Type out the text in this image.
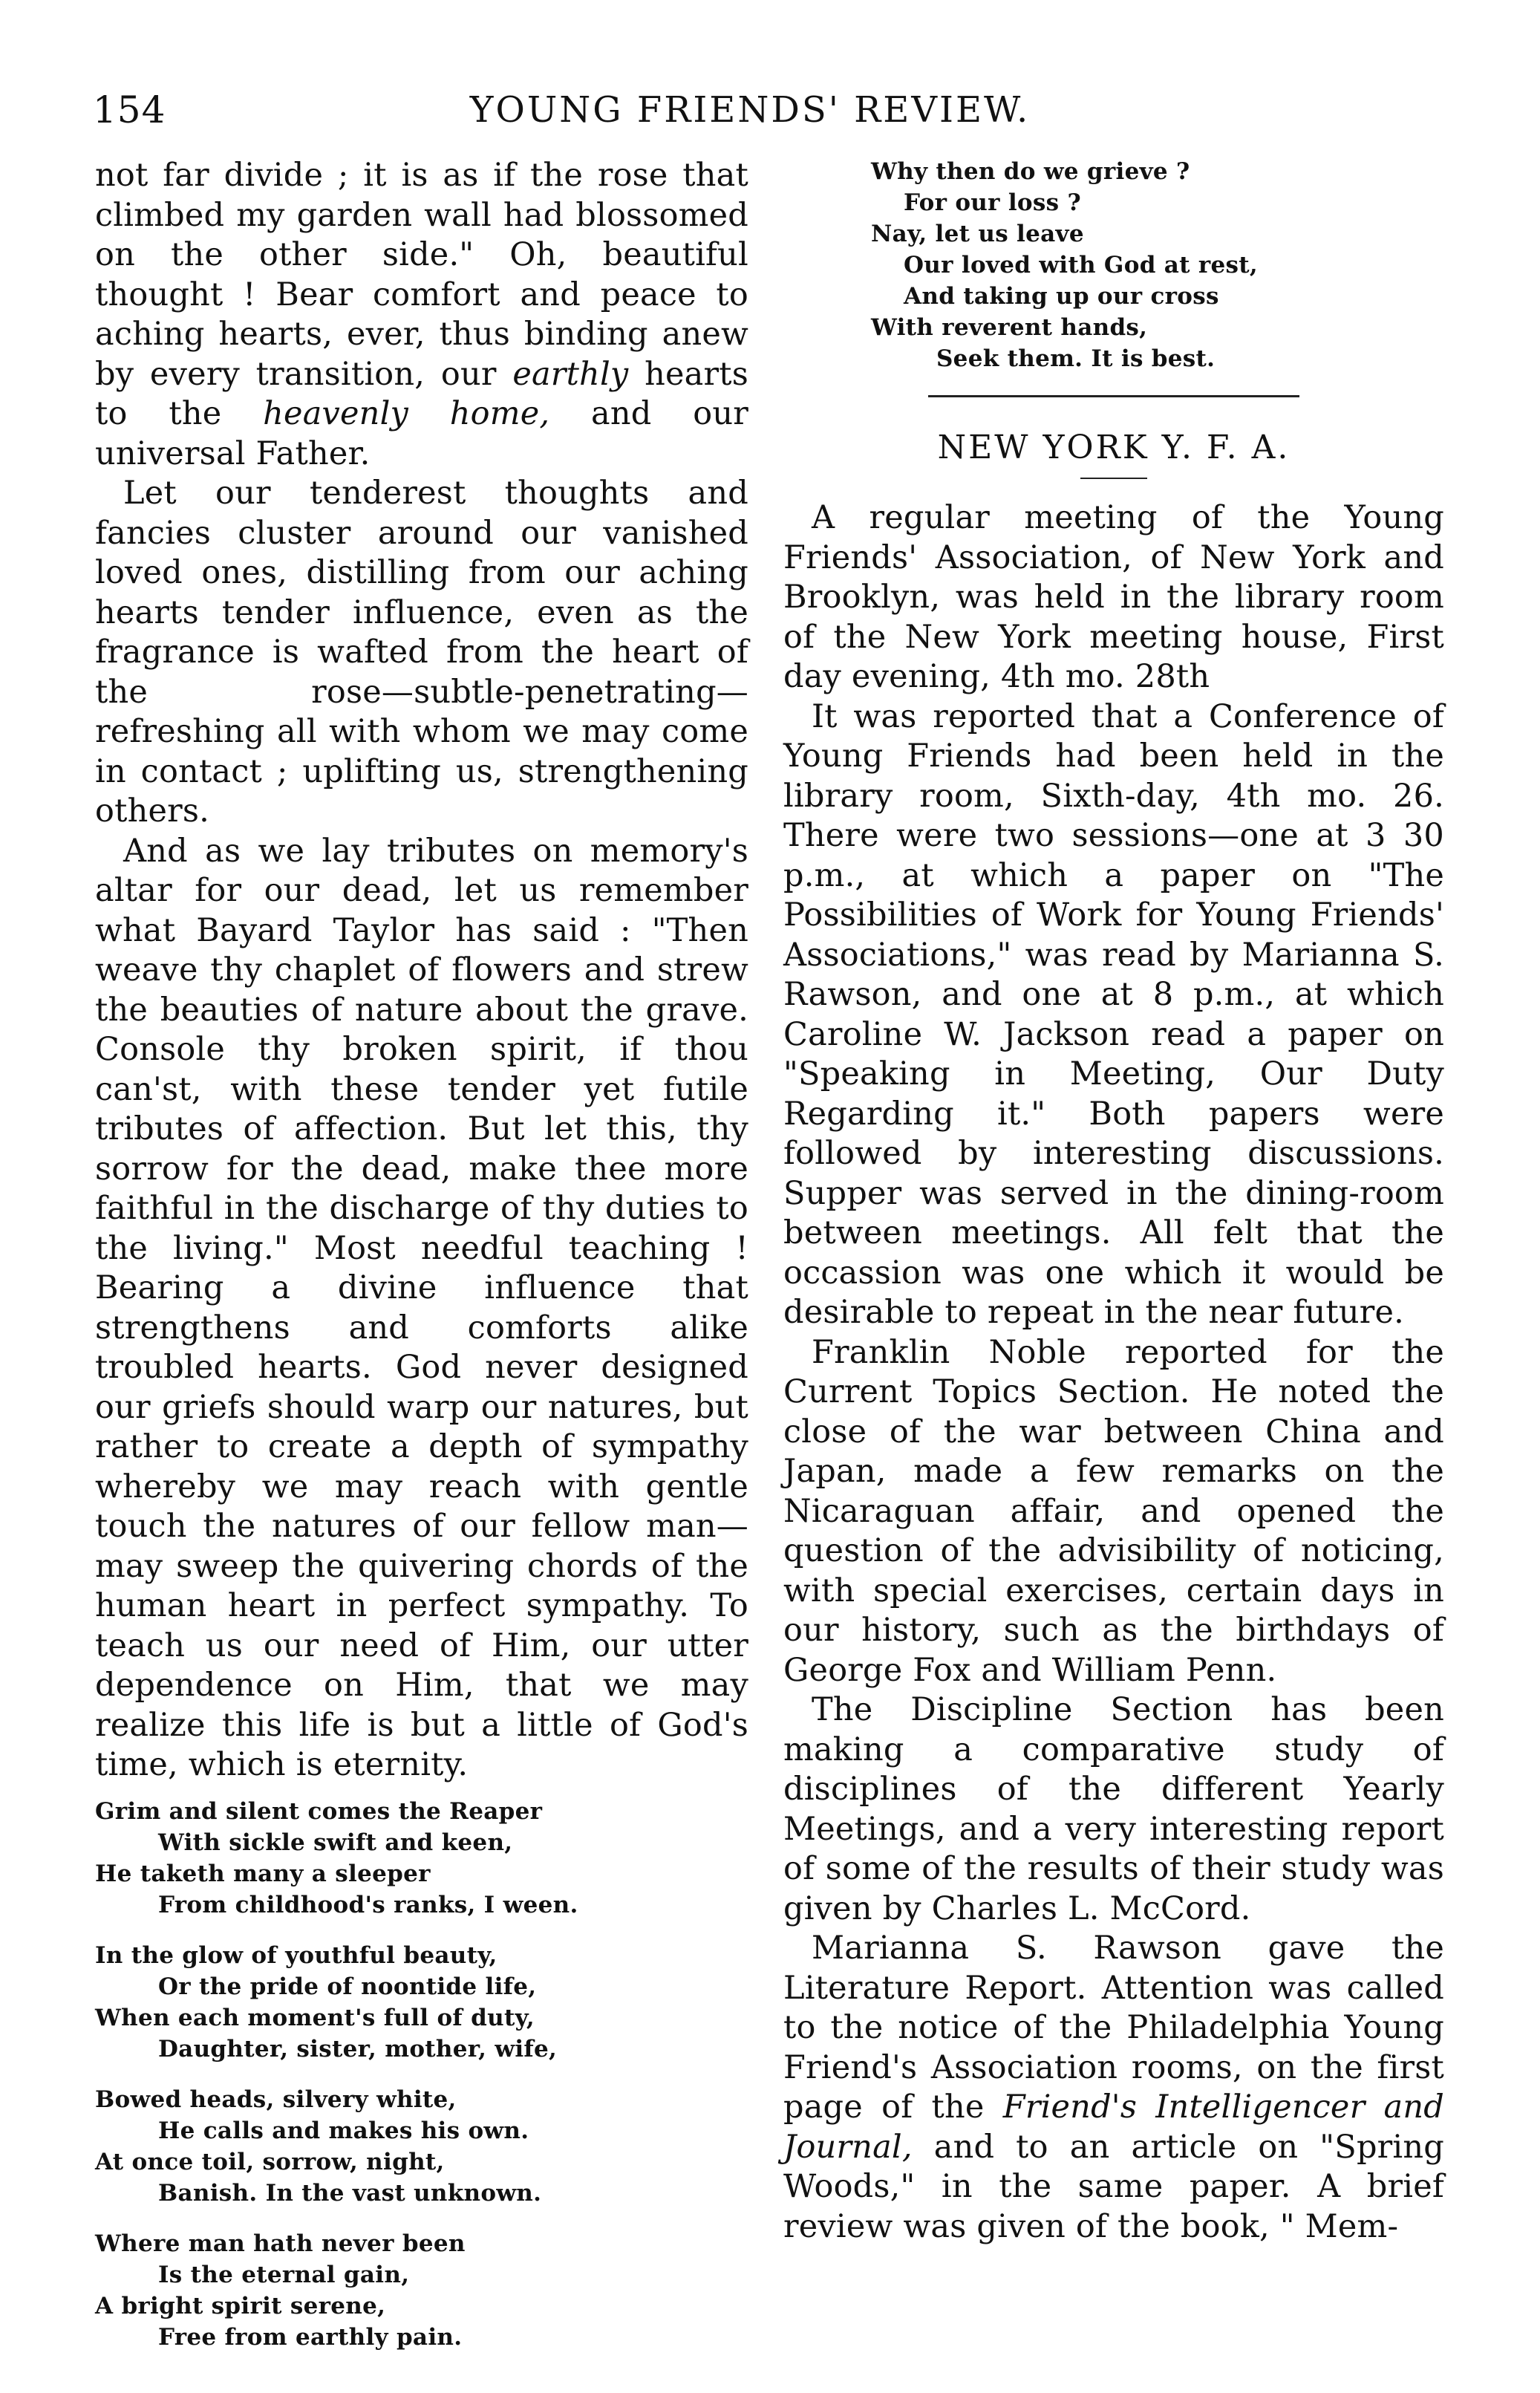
154	YOUNG FRIENDS' REVIEW.

not far divide ; it is as if the rose that climbed my garden wall had blossomed on the other side." Oh, beautiful thought ! Bear comfort and peace to aching hearts, ever, thus binding anew by every transition, our earthly hearts to the heavenly home, and our universal Father.

Let our tenderest thoughts and fancies cluster around our vanished loved ones, distilling from our aching hearts tender influence, even as the fragrance is wafted from the heart of the rose—subtle-penetrating—refreshing all with whom we may come in contact ; uplifting us, strengthening others.

And as we lay tributes on memory's altar for our dead, let us remember what Bayard Taylor has said : "Then weave thy chaplet of flowers and strew the beauties of nature about the grave. Console thy broken spirit, if thou can'st, with these tender yet futile tributes of affection. But let this, thy sorrow for the dead, make thee more faithful in the discharge of thy duties to the living." Most needful teaching ! Bearing a divine influence that strengthens and comforts alike troubled hearts. God never designed our griefs should warp our natures, but rather to create a depth of sympathy whereby we may reach with gentle touch the natures of our fellow man—may sweep the quivering chords of the human heart in perfect sympathy. To teach us our need of Him, our utter dependence on Him, that we may realize this life is but a little of God's time, which is eternity.

Grim and silent comes the Reaper
With sickle swift and keen,
He taketh many a sleeper
From childhood's ranks, I ween.
In the glow of youthful beauty,
Or the pride of noontide life,
When each moment's full of duty,
Daughter, sister, mother, wife,
Bowed heads, silvery white,
He calls and makes his own.
At once toil, sorrow, night,
Banish. In the vast unknown.
Where man hath never been
Is the eternal gain,
A bright spirit serene,
Free from earthly pain.
Why then do we grieve ?
For our loss ?
Nay, let us leave
Our loved with God at rest,
And taking up our cross
With reverent hands,
Seek them. It is best.
NEW YORK Y. F. A.

A regular meeting of the Young Friends' Association, of New York and Brooklyn, was held in the library room of the New York meeting house, First day evening, 4th mo. 28th

It was reported that a Conference of Young Friends had been held in the library room, Sixth-day, 4th mo. 26. There were two sessions—one at 3 30 p.m., at which a paper on "The Possibilities of Work for Young Friends' Associations," was read by Marianna S. Rawson, and one at 8 p.m., at which Caroline W. Jackson read a paper on "Speaking in Meeting, Our Duty Regarding it." Both papers were followed by interesting discussions. Supper was served in the dining-room between meetings. All felt that the occassion was one which it would be desirable to repeat in the near future.

Franklin Noble reported for the Current Topics Section. He noted the close of the war between China and Japan, made a few remarks on the Nicaraguan affair, and opened the question of the advisibility of noticing, with special exercises, certain days in our history, such as the birthdays of George Fox and William Penn.

The Discipline Section has been making a comparative study of disciplines of the different Yearly Meetings, and a very interesting report of some of the results of their study was given by Charles L. McCord.

Marianna S. Rawson gave the Literature Report. Attention was called to the notice of the Philadelphia Young Friend's Association rooms, on the first page of the Friend's Intelligencer and Journal, and to an article on "Spring Woods," in the same paper. A brief review was given of the book, " Mem-
